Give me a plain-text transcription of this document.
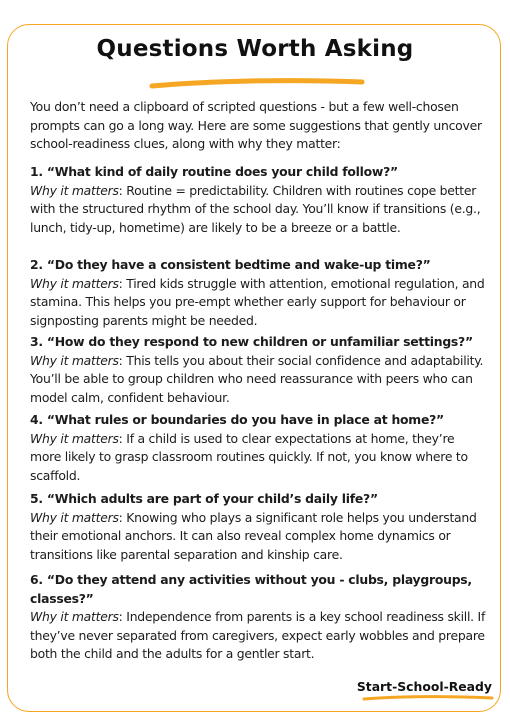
Questions Worth Asking

You don’t need a clipboard of scripted questions - but a few well-chosen prompts can go a long way. Here are some suggestions that gently uncover school-readiness clues, along with why they matter:

1. “What kind of daily routine does your child follow?”

Why it matters: Routine = predictability. Children with routines cope better with the structured rhythm of the school day. You’ll know if transitions (e.g., lunch, tidy-up, hometime) are likely to be a breeze or a battle.

2. “Do they have a consistent bedtime and wake-up time?”

Why it matters: Tired kids struggle with attention, emotional regulation, and stamina. This helps you pre-empt whether early support for behaviour or signposting parents might be needed.

3. “How do they respond to new children or unfamiliar settings?”

Why it matters: This tells you about their social confidence and adaptability. You’ll be able to group children who need reassurance with peers who can model calm, confident behaviour.

4. “What rules or boundaries do you have in place at home?”

Why it matters: If a child is used to clear expectations at home, they’re more likely to grasp classroom routines quickly. If not, you know where to scaffold.

5. “Which adults are part of your child’s daily life?”

Why it matters: Knowing who plays a significant role helps you understand their emotional anchors. It can also reveal complex home dynamics or transitions like parental separation and kinship care.

6. “Do they attend any activities without you - clubs, playgroups, classes?”

Why it matters: Independence from parents is a key school readiness skill. If they’ve never separated from caregivers, expect early wobbles and prepare both the child and the adults for a gentler start.

Start-School-Ready
